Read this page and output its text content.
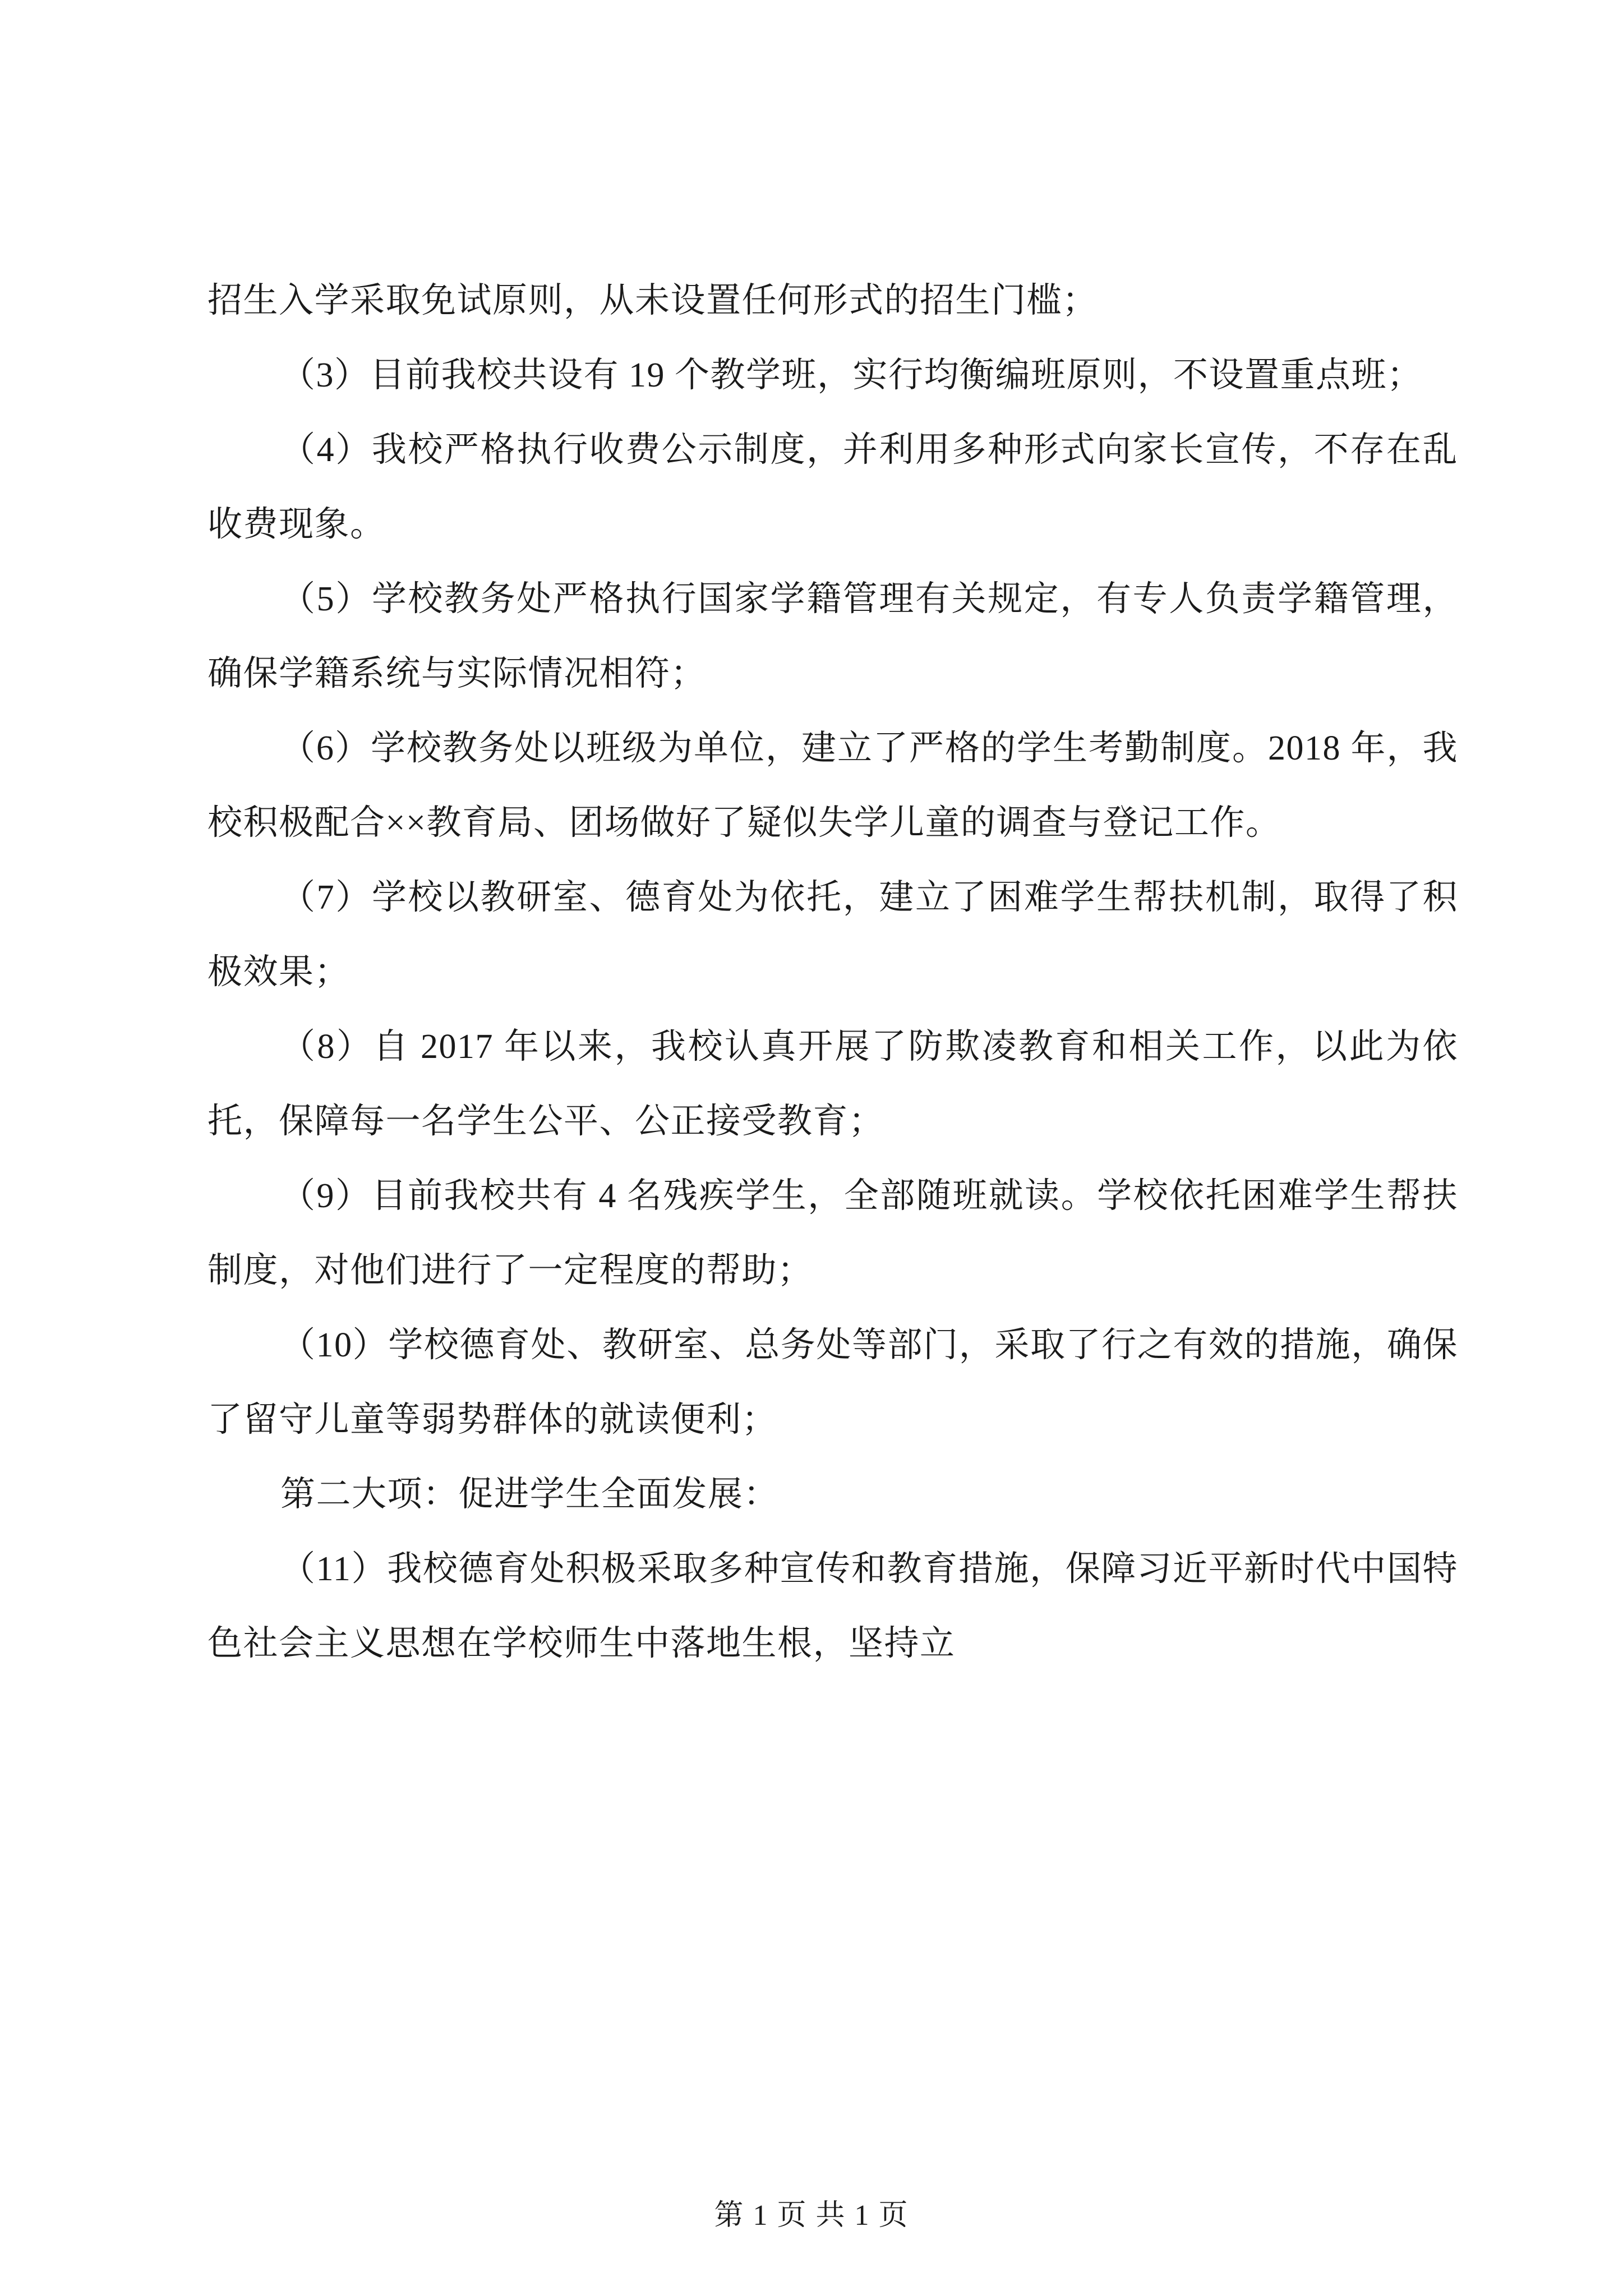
招生入学采取免试原则，从未设置任何形式的招生门槛；

（3）目前我校共设有 19 个教学班，实行均衡编班原则，不设置重点班；

（4）我校严格执行收费公示制度，并利用多种形式向家长宣传，不存在乱收费现象。

（5）学校教务处严格执行国家学籍管理有关规定，有专人负责学籍管理，确保学籍系统与实际情况相符；

（6）学校教务处以班级为单位，建立了严格的学生考勤制度。2018 年，我校积极配合××教育局、团场做好了疑似失学儿童的调查与登记工作。

（7）学校以教研室、德育处为依托，建立了困难学生帮扶机制，取得了积极效果；

（8）自 2017 年以来，我校认真开展了防欺凌教育和相关工作，以此为依托，保障每一名学生公平、公正接受教育；

（9）目前我校共有 4 名残疾学生，全部随班就读。学校依托困难学生帮扶制度，对他们进行了一定程度的帮助；

（10）学校德育处、教研室、总务处等部门，采取了行之有效的措施，确保了留守儿童等弱势群体的就读便利；

第二大项：促进学生全面发展：

（11）我校德育处积极采取多种宣传和教育措施，保障习近平新时代中国特色社会主义思想在学校师生中落地生根，坚持立

第 1 页 共 1 页
